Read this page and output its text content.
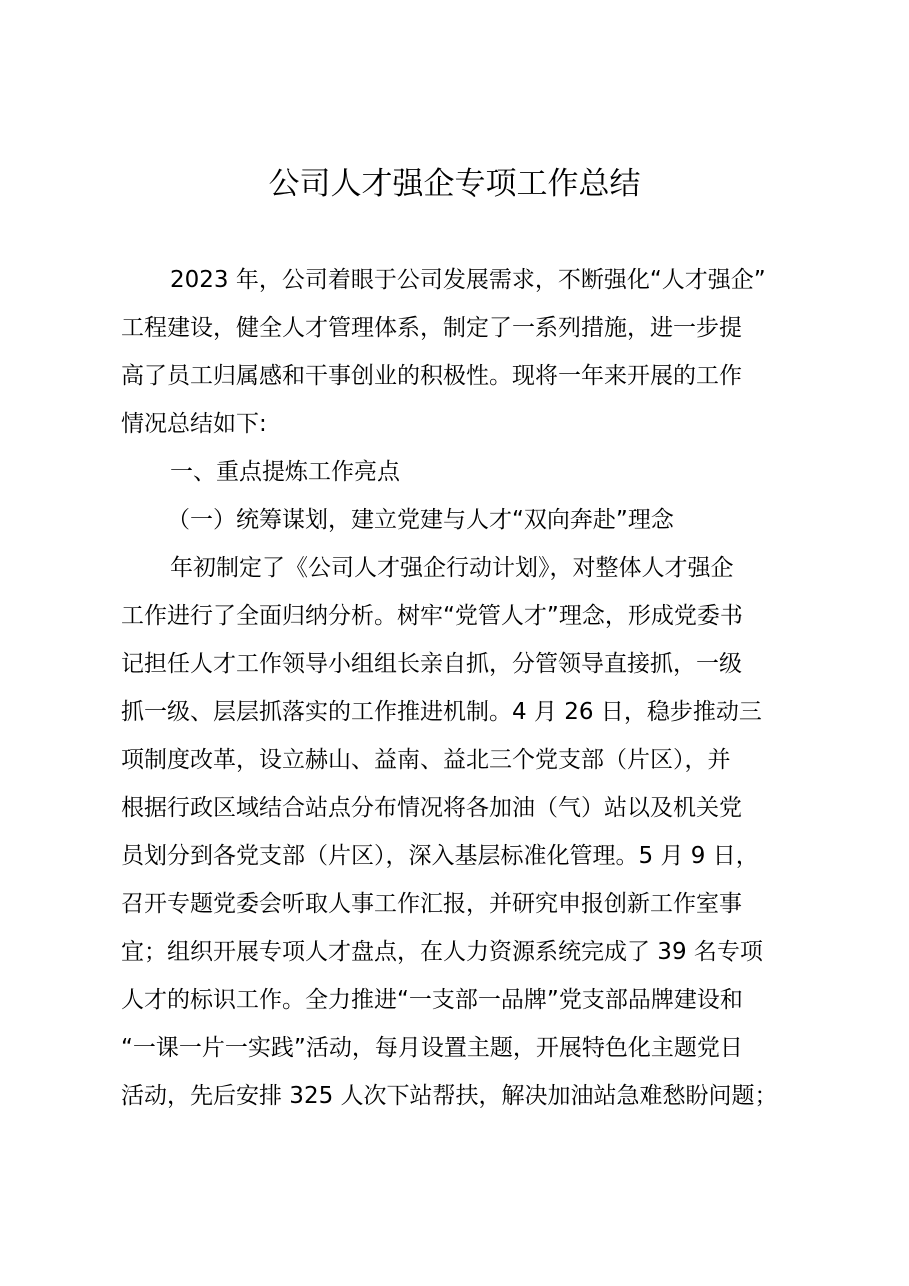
公司人才强企专项工作总结
2023 年，公司着眼于公司发展需求，不断强化“人才强企”
工程建设，健全人才管理体系，制定了一系列措施，进一步提
高了员工归属感和干事创业的积极性。现将一年来开展的工作
情况总结如下:
一、重点提炼工作亮点
（一）统筹谋划，建立党建与人才“双向奔赴”理念
年初制定了《公司人才强企行动计划》，对整体人才强企
工作进行了全面归纳分析。树牢“党管人才”理念，形成党委书
记担任人才工作领导小组组长亲自抓，分管领导直接抓，一级
抓一级、层层抓落实的工作推进机制。4 月 26 日，稳步推动三
项制度改革，设立赫山、益南、益北三个党支部（片区），并
根据行政区域结合站点分布情况将各加油（气）站以及机关党
员划分到各党支部（片区），深入基层标准化管理。5 月 9 日，
召开专题党委会听取人事工作汇报，并研究申报创新工作室事
宜；组织开展专项人才盘点，在人力资源系统完成了 39 名专项
人才的标识工作。全力推进“一支部一品牌”党支部品牌建设和
“一课一片一实践”活动，每月设置主题，开展特色化主题党日
活动，先后安排 325 人次下站帮扶，解决加油站急难愁盼问题；
